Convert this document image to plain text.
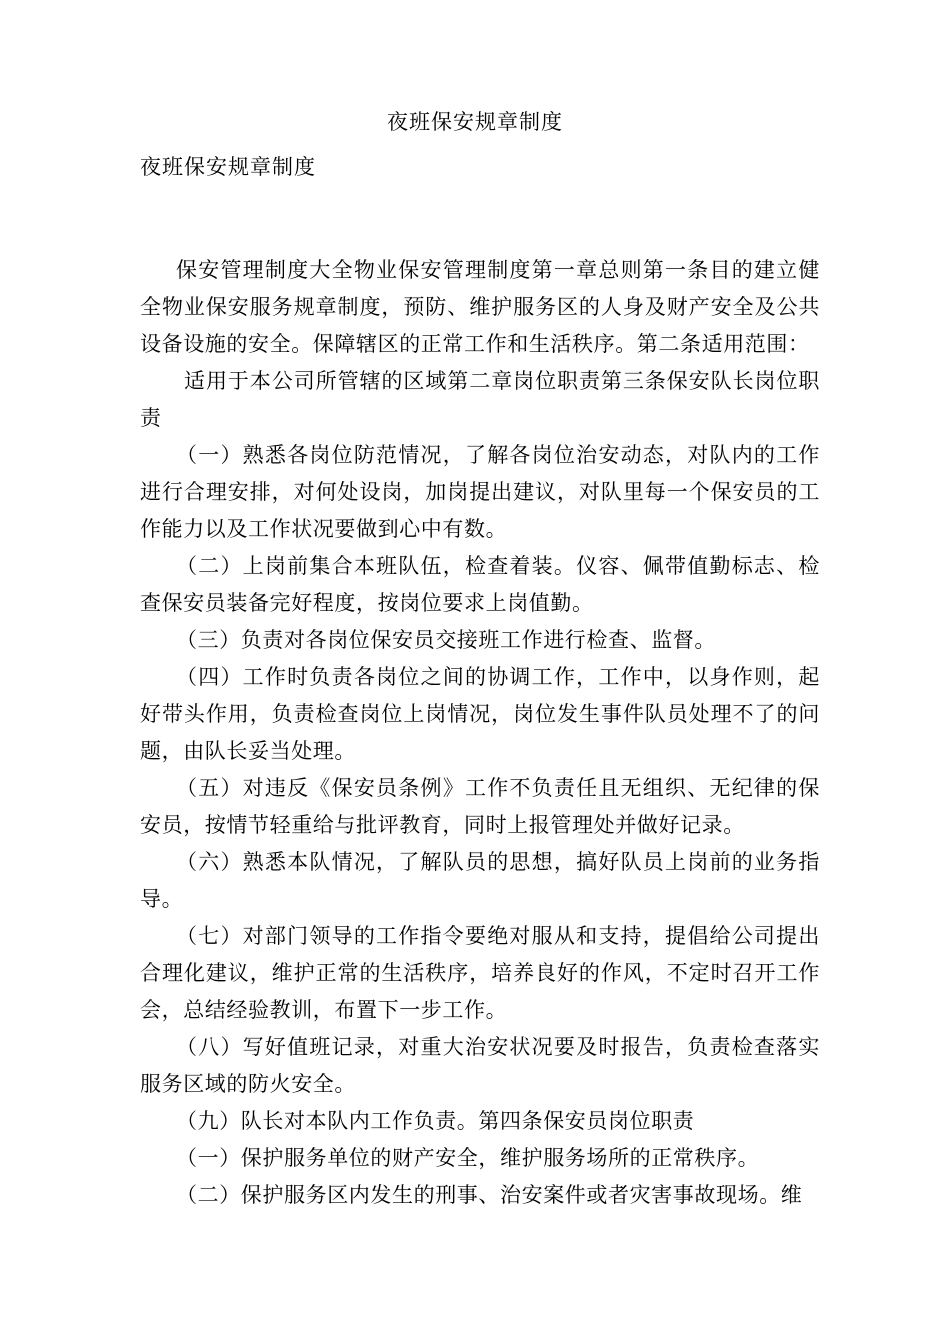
夜班保安规章制度
夜班保安规章制度

保安管理制度大全物业保安管理制度第一章总则第一条目的建立健全物业保安服务规章制度，预防、维护服务区的人身及财产安全及公共设备设施的安全。保障辖区的正常工作和生活秩序。第二条适用范围：

适用于本公司所管辖的区域第二章岗位职责第三条保安队长岗位职责

（一）熟悉各岗位防范情况，了解各岗位治安动态，对队内的工作进行合理安排，对何处设岗，加岗提出建议，对队里每一个保安员的工作能力以及工作状况要做到心中有数。

（二）上岗前集合本班队伍，检查着装。仪容、佩带值勤标志、检查保安员装备完好程度，按岗位要求上岗值勤。

（三）负责对各岗位保安员交接班工作进行检查、监督。

（四）工作时负责各岗位之间的协调工作，工作中，以身作则，起好带头作用，负责检查岗位上岗情况，岗位发生事件队员处理不了的问题，由队长妥当处理。

（五）对违反《保安员条例》工作不负责任且无组织、无纪律的保安员，按情节轻重给与批评教育，同时上报管理处并做好记录。

（六）熟悉本队情况，了解队员的思想，搞好队员上岗前的业务指导。

（七）对部门领导的工作指令要绝对服从和支持，提倡给公司提出合理化建议，维护正常的生活秩序，培养良好的作风，不定时召开工作会，总结经验教训，布置下一步工作。

（八）写好值班记录，对重大治安状况要及时报告，负责检查落实服务区域的防火安全。

（九）队长对本队内工作负责。第四条保安员岗位职责

（一）保护服务单位的财产安全，维护服务场所的正常秩序。

（二）保护服务区内发生的刑事、治安案件或者灾害事故现场。维
